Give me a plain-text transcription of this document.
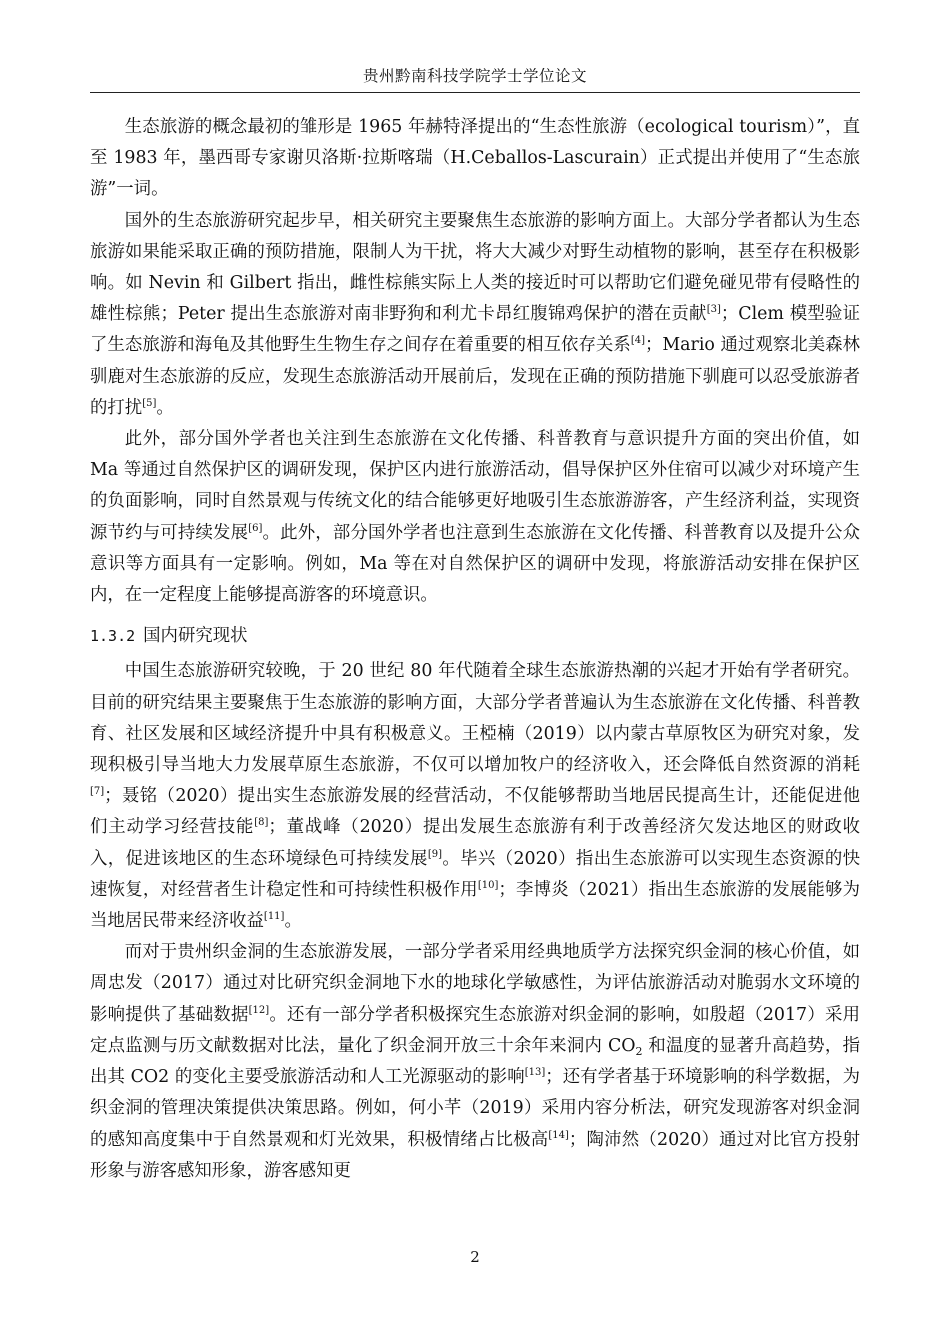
贵州黔南科技学院学士学位论文

生态旅游的概念最初的雏形是 1965 年赫特泽提出的“生态性旅游（ecological tourism）”，直至 1983 年，墨西哥专家谢贝洛斯·拉斯喀瑞（H.Ceballos-Lascurain）正式提出并使用了“生态旅游”一词。

国外的生态旅游研究起步早，相关研究主要聚焦生态旅游的影响方面上。大部分学者都认为生态旅游如果能采取正确的预防措施，限制人为干扰，将大大减少对野生动植物的影响，甚至存在积极影响。如 Nevin 和 Gilbert 指出，雌性棕熊实际上人类的接近时可以帮助它们避免碰见带有侵略性的雄性棕熊；Peter 提出生态旅游对南非野狗和利尤卡昂红腹锦鸡保护的潜在贡献[3]；Clem 模型验证了生态旅游和海龟及其他野生生物生存之间存在着重要的相互依存关系[4]；Mario 通过观察北美森林驯鹿对生态旅游的反应，发现生态旅游活动开展前后，发现在正确的预防措施下驯鹿可以忍受旅游者的打扰[5]。

此外，部分国外学者也关注到生态旅游在文化传播、科普教育与意识提升方面的突出价值，如 Ma 等通过自然保护区的调研发现，保护区内进行旅游活动，倡导保护区外住宿可以减少对环境产生的负面影响，同时自然景观与传统文化的结合能够更好地吸引生态旅游游客，产生经济利益，实现资源节约与可持续发展[6]。此外，部分国外学者也注意到生态旅游在文化传播、科普教育以及提升公众意识等方面具有一定影响。例如，Ma 等在对自然保护区的调研中发现，将旅游活动安排在保护区内，在一定程度上能够提高游客的环境意识。

1.3.2 国内研究现状

中国生态旅游研究较晚，于 20 世纪 80 年代随着全球生态旅游热潮的兴起才开始有学者研究。目前的研究结果主要聚焦于生态旅游的影响方面，大部分学者普遍认为生态旅游在文化传播、科普教育、社区发展和区域经济提升中具有积极意义。王椏楠（2019）以内蒙古草原牧区为研究对象，发现积极引导当地大力发展草原生态旅游，不仅可以增加牧户的经济收入，还会降低自然资源的消耗[7]；聂铭（2020）提出实生态旅游发展的经营活动，不仅能够帮助当地居民提高生计，还能促进他们主动学习经营技能[8]；董战峰（2020）提出发展生态旅游有利于改善经济欠发达地区的财政收入，促进该地区的生态环境绿色可持续发展[9]。毕兴（2020）指出生态旅游可以实现生态资源的快速恢复，对经营者生计稳定性和可持续性积极作用[10]；李博炎（2021）指出生态旅游的发展能够为当地居民带来经济收益[11]。

而对于贵州织金洞的生态旅游发展，一部分学者采用经典地质学方法探究织金洞的核心价值，如周忠发（2017）通过对比研究织金洞地下水的地球化学敏感性，为评估旅游活动对脆弱水文环境的影响提供了基础数据[12]。还有一部分学者积极探究生态旅游对织金洞的影响，如殷超（2017）采用定点监测与历文献数据对比法，量化了织金洞开放三十余年来洞内 $CO_2$ 和温度的显著升高趋势，指出其 CO2 的变化主要受旅游活动和人工光源驱动的影响[13]；还有学者基于环境影响的科学数据，为织金洞的管理决策提供决策思路。例如，何小芊（2019）采用内容分析法，研究发现游客对织金洞的感知高度集中于自然景观和灯光效果，积极情绪占比极高[14]；陶沛然（2020）通过对比官方投射形象与游客感知形象，游客感知更

2
